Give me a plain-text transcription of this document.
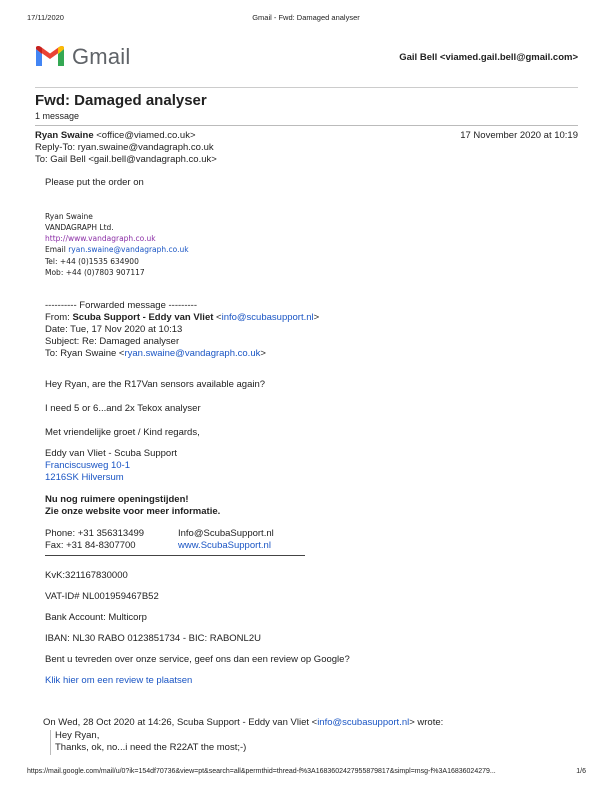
17/11/2020	Gmail - Fwd: Damaged analyser
Gmail	Gail Bell <viamed.gail.bell@gmail.com>
Fwd: Damaged analyser
1 message
Ryan Swaine <office@viamed.co.uk>	17 November 2020 at 10:19
Reply-To: ryan.swaine@vandagraph.co.uk
To: Gail Bell <gail.bell@vandagraph.co.uk>
Please put the order on
Ryan Swaine
VANDAGRAPH Ltd.
http://www.vandagraph.co.uk
Email ryan.swaine@vandagraph.co.uk
Tel: +44 (0)1535 634900
Mob: +44 (0)7803 907117
---------- Forwarded message ---------
From: Scuba Support - Eddy van Vliet <info@scubasupport.nl>
Date: Tue, 17 Nov 2020 at 10:13
Subject: Re: Damaged analyser
To: Ryan Swaine <ryan.swaine@vandagraph.co.uk>
Hey Ryan, are the R17Van sensors available again?
I need 5 or 6...and 2x Tekox analyser
Met vriendelijke groet / Kind regards,
Eddy van Vliet - Scuba Support
Franciscusweg 10-1
1216SK Hilversum
Nu nog ruimere openingstijden!
Zie onze website voor meer informatie.
Phone: +31 356313499	Info@ScubaSupport.nl
Fax: +31 84-8307700	www.ScubaSupport.nl
KvK:321167830000
VAT-ID# NL001959467B52
Bank Account: Multicorp
IBAN: NL30 RABO 0123851734 - BIC: RABONL2U
Bent u tevreden over onze service, geef ons dan een review op Google?
Klik hier om een review te plaatsen
On Wed, 28 Oct 2020 at 14:26, Scuba Support - Eddy van Vliet <info@scubasupport.nl> wrote:
Hey Ryan,
Thanks, ok, no...i need the R22AT the most;-)
https://mail.google.com/mail/u/0?ik=154df70736&view=pt&search=all&permthid=thread-f%3A1683602427955879817&simpl=msg-f%3A16836024279...	1/6
